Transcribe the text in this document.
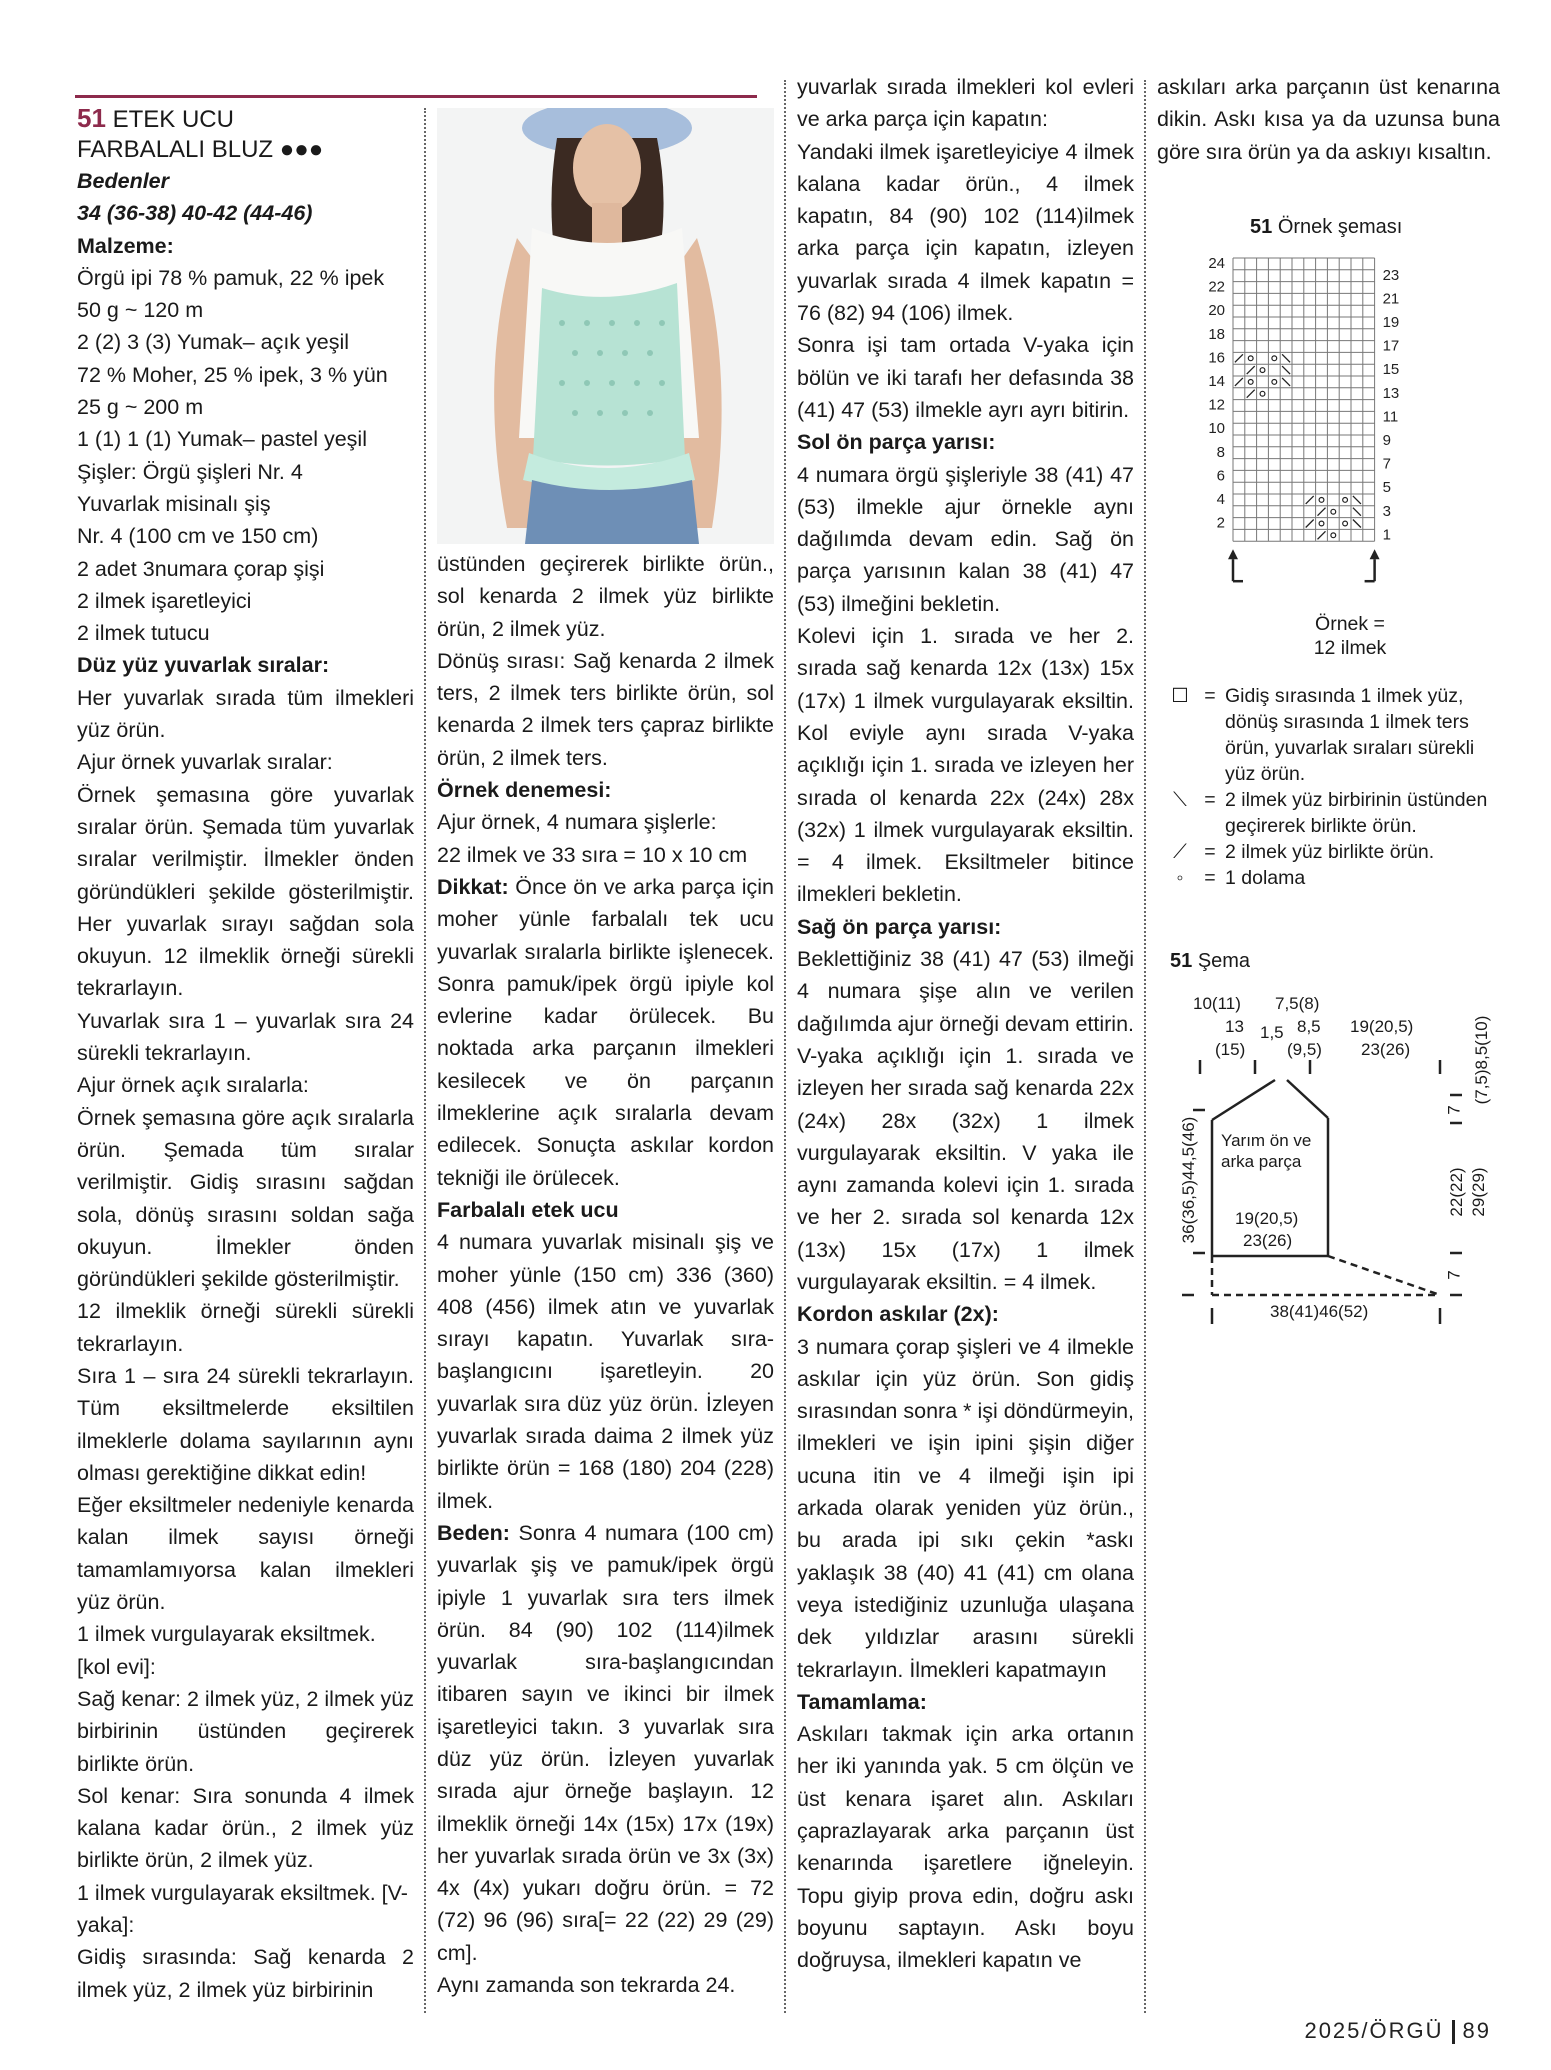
51 ETEK UCU
FARBALALI BLUZ ●●●

Bedenler

34 (36-38) 40-42 (44-46)

Malzeme:

Örgü ipi 78 % pamuk, 22 % ipek

50 g ~ 120 m

2 (2) 3 (3) Yumak– açık yeşil

72 % Moher, 25 % ipek, 3 % yün

25 g ~ 200 m

1 (1) 1 (1) Yumak– pastel yeşil

Şişler: Örgü şişleri Nr. 4

Yuvarlak misinalı şiş

Nr. 4 (100 cm ve 150 cm)

2 adet 3numara çorap şişi

2 ilmek işaretleyici

2 ilmek tutucu

Düz yüz yuvarlak sıralar:

Her yuvarlak sırada tüm ilmekleri yüz örün.

Ajur örnek yuvarlak sıralar:

Örnek şemasına göre yuvarlak sıralar örün. Şemada tüm yuvarlak sıralar verilmiştir. İlmekler önden göründükleri şekilde gösterilmiştir. Her yuvarlak sırayı sağdan sola okuyun. 12 ilmeklik örneği sürekli tekrarlayın.

Yuvarlak sıra 1 – yuvarlak sıra 24 sürekli tekrarlayın.

Ajur örnek açık sıralarla:

Örnek şemasına göre açık sıralarla örün. Şemada tüm sıralar verilmiştir. Gidiş sırasını sağdan sola, dönüş sırasını soldan sağa okuyun. İlmekler önden göründükleri şekilde gösterilmiştir.

12 ilmeklik örneği sürekli sürekli tekrarlayın.

Sıra 1 – sıra 24 sürekli tekrarlayın. Tüm eksiltmelerde eksiltilen ilmeklerle dolama sayılarının aynı olması gerektiğine dikkat edin!

Eğer eksiltmeler nedeniyle kenarda kalan ilmek sayısı örneği tamamlamıyorsa kalan ilmekleri yüz örün.

1 ilmek vurgulayarak eksiltmek. [kol evi]:

Sağ kenar: 2 ilmek yüz, 2 ilmek yüz birbirinin üstünden geçirerek birlikte örün.

Sol kenar: Sıra sonunda 4 ilmek kalana kadar örün., 2 ilmek yüz birlikte örün, 2 ilmek yüz.

1 ilmek vurgulayarak eksiltmek. [V-yaka]:

Gidiş sırasında: Sağ kenarda 2 ilmek yüz, 2 ilmek yüz birbirinin

üstünden geçirerek birlikte örün., sol kenarda 2 ilmek yüz birlikte örün, 2 ilmek yüz.

Dönüş sırası: Sağ kenarda 2 ilmek ters, 2 ilmek ters birlikte örün, sol kenarda 2 ilmek ters çapraz birlikte örün, 2 ilmek ters.

Örnek denemesi:

Ajur örnek, 4 numara şişlerle:

22 ilmek ve 33 sıra = 10 x 10 cm

Dikkat: Önce ön ve arka parça için moher yünle farbalalı tek ucu yuvarlak sıralarla birlikte işlenecek. Sonra pamuk/ipek örgü ipiyle kol evlerine kadar örülecek. Bu noktada arka parçanın ilmekleri kesilecek ve ön parçanın ilmeklerine açık sıralarla devam edilecek. Sonuçta askılar kordon tekniği ile örülecek.

Farbalalı etek ucu

4 numara yuvarlak misinalı şiş ve moher yünle (150 cm) 336 (360) 408 (456) ilmek atın ve yuvarlak sırayı kapatın. Yuvarlak sıra-başlangıcını işaretleyin. 20 yuvarlak sıra düz yüz örün. İzleyen yuvarlak sırada daima 2 ilmek yüz birlikte örün = 168 (180) 204 (228) ilmek.

Beden: Sonra 4 numara (100 cm) yuvarlak şiş ve pamuk/ipek örgü ipiyle 1 yuvarlak sıra ters ilmek örün. 84 (90) 102 (114)ilmek yuvarlak sıra-başlangıcından itibaren sayın ve ikinci bir ilmek işaretleyici takın. 3 yuvarlak sıra düz yüz örün. İzleyen yuvarlak sırada ajur örneğe başlayın. 12 ilmeklik örneği 14x (15x) 17x (19x) her yuvarlak sırada örün ve 3x (3x) 4x (4x) yukarı doğru örün. = 72 (72) 96 (96) sıra[= 22 (22) 29 (29) cm].

Aynı zamanda son tekrarda 24.

yuvarlak sırada ilmekleri kol evleri ve arka parça için kapatın:

Yandaki ilmek işaretleyiciye 4 ilmek kalana kadar örün., 4 ilmek kapatın, 84 (90) 102 (114)ilmek arka parça için kapatın, izleyen yuvarlak sırada 4 ilmek kapatın = 76 (82) 94 (106) ilmek.

Sonra işi tam ortada V-yaka için bölün ve iki tarafı her defasında 38 (41) 47 (53) ilmekle ayrı ayrı bitirin.

Sol ön parça yarısı:

4 numara örgü şişleriyle 38 (41) 47 (53) ilmekle ajur örnekle aynı dağılımda devam edin. Sağ ön parça yarısının kalan 38 (41) 47 (53) ilmeğini bekletin.

Kolevi için 1. sırada ve her 2. sırada sağ kenarda 12x (13x) 15x (17x) 1 ilmek vurgulayarak eksiltin. Kol eviyle aynı sırada V-yaka açıklığı için 1. sırada ve izleyen her sırada ol kenarda 22x (24x) 28x (32x) 1 ilmek vurgulayarak eksiltin. = 4 ilmek. Eksiltmeler bitince ilmekleri bekletin.

Sağ ön parça yarısı:

Beklettiğiniz 38 (41) 47 (53) ilmeği 4 numara şişe alın ve verilen dağılımda ajur örneği devam ettirin. V-yaka açıklığı için 1. sırada ve izleyen her sırada sağ kenarda 22x (24x) 28x (32x) 1 ilmek vurgulayarak eksiltin. V yaka ile aynı zamanda kolevi için 1. sırada ve her 2. sırada sol kenarda 12x (13x) 15x (17x) 1 ilmek vurgulayarak eksiltin. = 4 ilmek.

Kordon askılar (2x):

3 numara çorap şişleri ve 4 ilmekle askılar için yüz örün. Son gidiş sırasından sonra * işi döndürmeyin, ilmekleri ve işin ipini şişin diğer ucuna itin ve 4 ilmeği işin ipi arkada olarak yeniden yüz örün., bu arada ipi sıkı çekin *askı yaklaşık 38 (40) 41 (41) cm olana veya istediğiniz uzunluğa ulaşana dek yıldızlar arasını sürekli tekrarlayın. İlmekleri kapatmayın

Tamamlama:

Askıları takmak için arka ortanın her iki yanında yak. 5 cm ölçün ve üst kenara işaret alın. Askıları çaprazlayarak arka parçanın üst kenarında işaretlere iğneleyin. Topu giyip prova edin, doğru askı boyunu saptayın. Askı boyu doğruysa, ilmekleri kapatın ve

askıları arka parçanın üst kenarına dikin. Askı kısa ya da uzunsa buna göre sıra örün ya da askıyı kısaltın.

51 Örnek şeması
24
22
20
18
16
14
12
10
8
6
4
2
23
21
19
17
15
13
11
9
7
5
3
1
Örnek =
12 ilmek
☐ = Gidiş sırasında 1 ilmek yüz, dönüş sırasında 1 ilmek ters örün, yuvarlak sıraları sürekli yüz örün.
⟍ = 2 ilmek yüz birbirinin üstünden geçirerek birlikte örün.
⟋ = 2 ilmek yüz birlikte örün.
◦	= 1 dolama
51 Şema
10(11) 7,5(8)
13 1,5 8,5 19(20,5)
(15) (9,5) 23(26)
Yarım ön ve
arka parça
19(20,5)
23(26)
38(41)46(52)
36(36,5)44,5(46)
7
(7,5)8,5(10)
22(22) 29(29)
7
2025/ÖRGÜ 89
